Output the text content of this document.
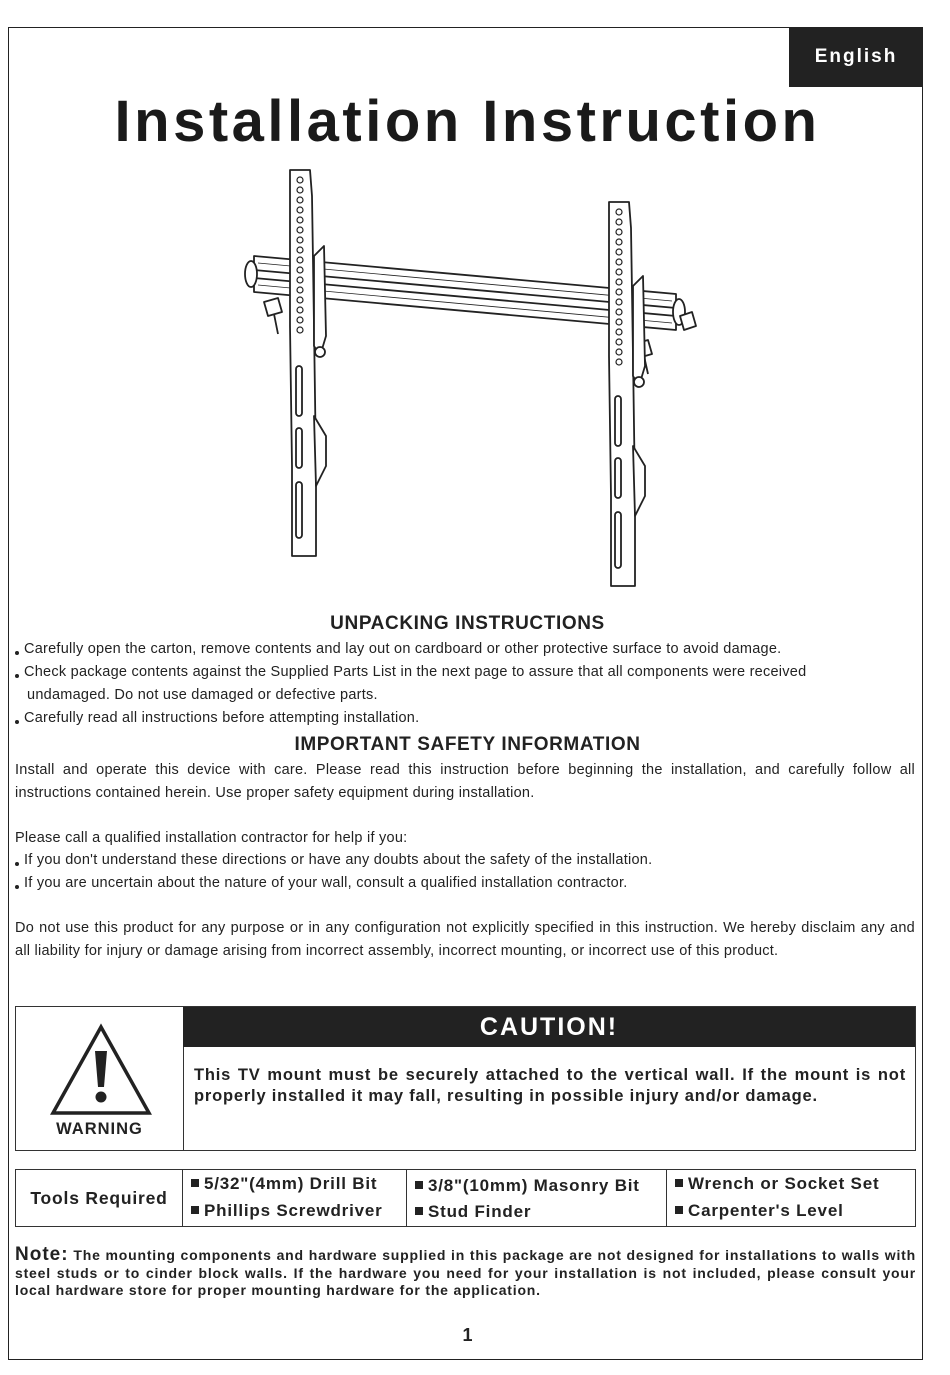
English
Installation Instruction
UNPACKING INSTRUCTIONS

Carefully open the carton, remove contents and lay out on cardboard or other protective surface to avoid damage.

Check package contents against the Supplied Parts List in the next page to assure that all components were received

undamaged. Do not use damaged or defective parts.

Carefully read all instructions before attempting installation.

IMPORTANT SAFETY INFORMATION

Install and operate this device with care. Please read this instruction before beginning the installation, and carefully follow all instructions contained herein. Use proper safety equipment during installation.

Please call a qualified installation contractor for help if you:

If you don't understand these directions or have any doubts about the safety of the installation.

If you are uncertain about the nature of your wall, consult a qualified installation contractor.

Do not use this product for any purpose or in any configuration not explicitly specified in this instruction. We hereby disclaim any and all liability for injury or damage arising from incorrect assembly, incorrect mounting, or incorrect use of this product.

WARNING
CAUTION!

This TV mount must be securely attached to the vertical wall. If the mount is not properly installed it may fall, resulting in possible injury and/or damage.

Tools Required
5/32"(4mm) Drill Bit
Phillips Screwdriver
3/8"(10mm) Masonry Bit
Stud Finder
Wrench or Socket Set
Carpenter's Level

Note: The mounting components and hardware supplied in this package are not designed for installations to walls with steel studs or to cinder block walls. If the hardware you need for your installation is not included, please consult your local hardware store for proper mounting hardware for the application.

1
